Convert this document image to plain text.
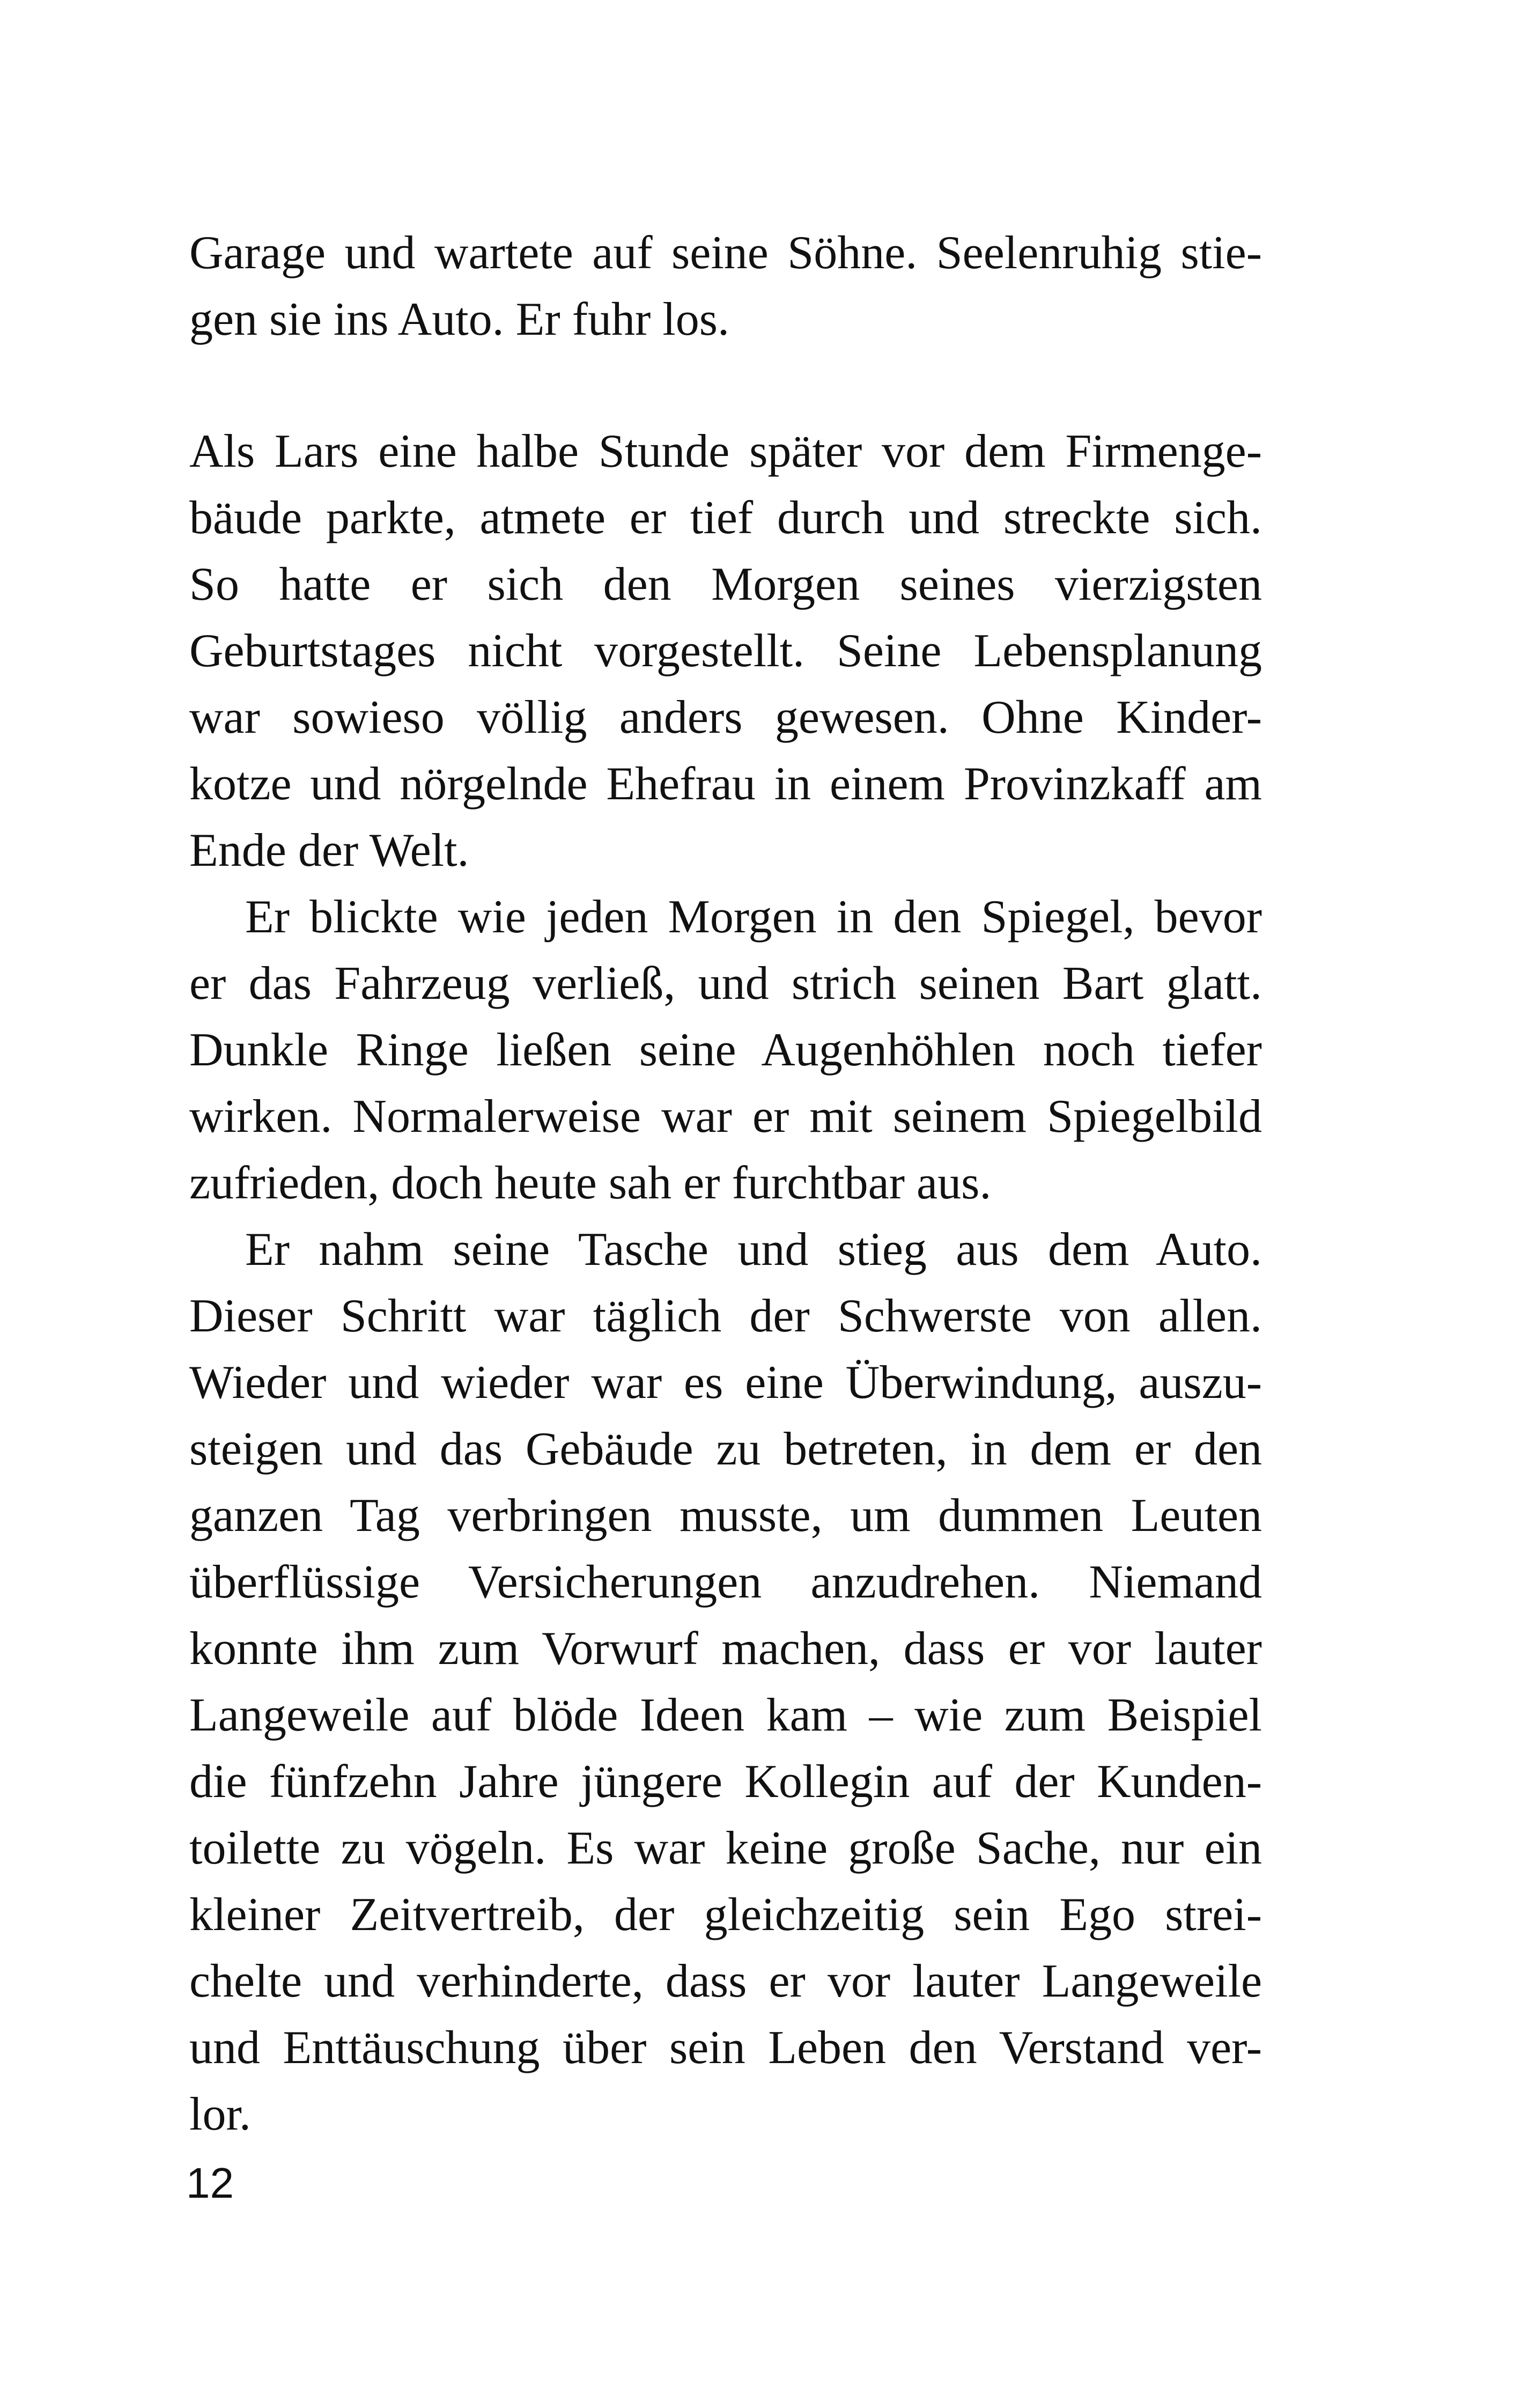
Garage und wartete auf seine Söhne. Seelenruhig stie-
gen sie ins Auto. Er fuhr los.
Als Lars eine halbe Stunde später vor dem Firmenge-
bäude parkte, atmete er tief durch und streckte sich.
So hatte er sich den Morgen seines vierzigsten
Geburtstages nicht vorgestellt. Seine Lebensplanung
war sowieso völlig anders gewesen. Ohne Kinder-
kotze und nörgelnde Ehefrau in einem Provinzkaff am
Ende der Welt.
Er blickte wie jeden Morgen in den Spiegel, bevor
er das Fahrzeug verließ, und strich seinen Bart glatt.
Dunkle Ringe ließen seine Augenhöhlen noch tiefer
wirken. Normalerweise war er mit seinem Spiegelbild
zufrieden, doch heute sah er furchtbar aus.
Er nahm seine Tasche und stieg aus dem Auto.
Dieser Schritt war täglich der Schwerste von allen.
Wieder und wieder war es eine Überwindung, auszu-
steigen und das Gebäude zu betreten, in dem er den
ganzen Tag verbringen musste, um dummen Leuten
überflüssige Versicherungen anzudrehen. Niemand
konnte ihm zum Vorwurf machen, dass er vor lauter
Langeweile auf blöde Ideen kam – wie zum Beispiel
die fünfzehn Jahre jüngere Kollegin auf der Kunden-
toilette zu vögeln. Es war keine große Sache, nur ein
kleiner Zeitvertreib, der gleichzeitig sein Ego strei-
chelte und verhinderte, dass er vor lauter Langeweile
und Enttäuschung über sein Leben den Verstand ver-
lor.
12
